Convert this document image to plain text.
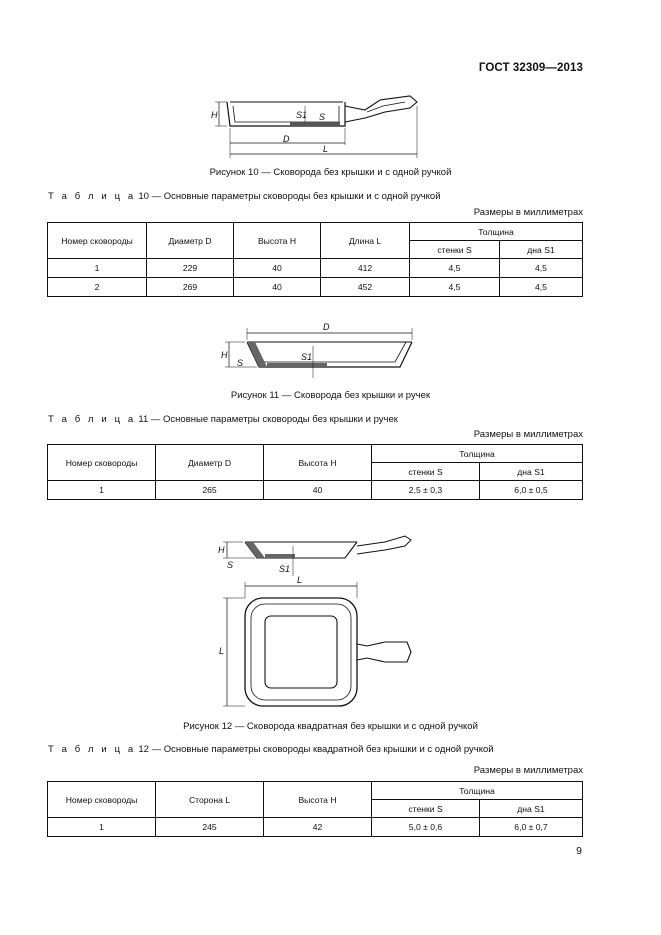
ГОСТ 32309—2013
H	S1 S
D
L
Рисунок 10 — Сковорода без крышки и с одной ручкой
Т а б л и ц а 10 — Основные параметры сковороды без крышки и с одной ручкой
Размеры в миллиметрах
Номер сковороды	Диаметр D	Высота H	Длина L	Толщина	
				стенки S	дна S1
1	229	40	412	4,5	4,5
2	269	40	452	4,5	4,5
D
H
S
S1
Рисунок 11 — Сковорода без крышки и ручек
Т а б л и ц а 11 — Основные параметры сковороды без крышки и ручек
Размеры в миллиметрах
Номер сковороды	Диаметр D	Высота H	Толщина	
			стенки S	дна S1
1	265	40	2,5 ± 0,3	6,0 ± 0,5
H
S	S1
L
L
Рисунок 12 — Сковорода квадратная без крышки и с одной ручкой
Т а б л и ц а 12 — Основные параметры сковороды квадратной без крышки и с одной ручкой
Размеры в миллиметрах
Номер сковороды	Сторона L	Высота H	Толщина	
			стенки S	дна S1
1	245	42	5,0 ± 0,6	6,0 ± 0,7
9
